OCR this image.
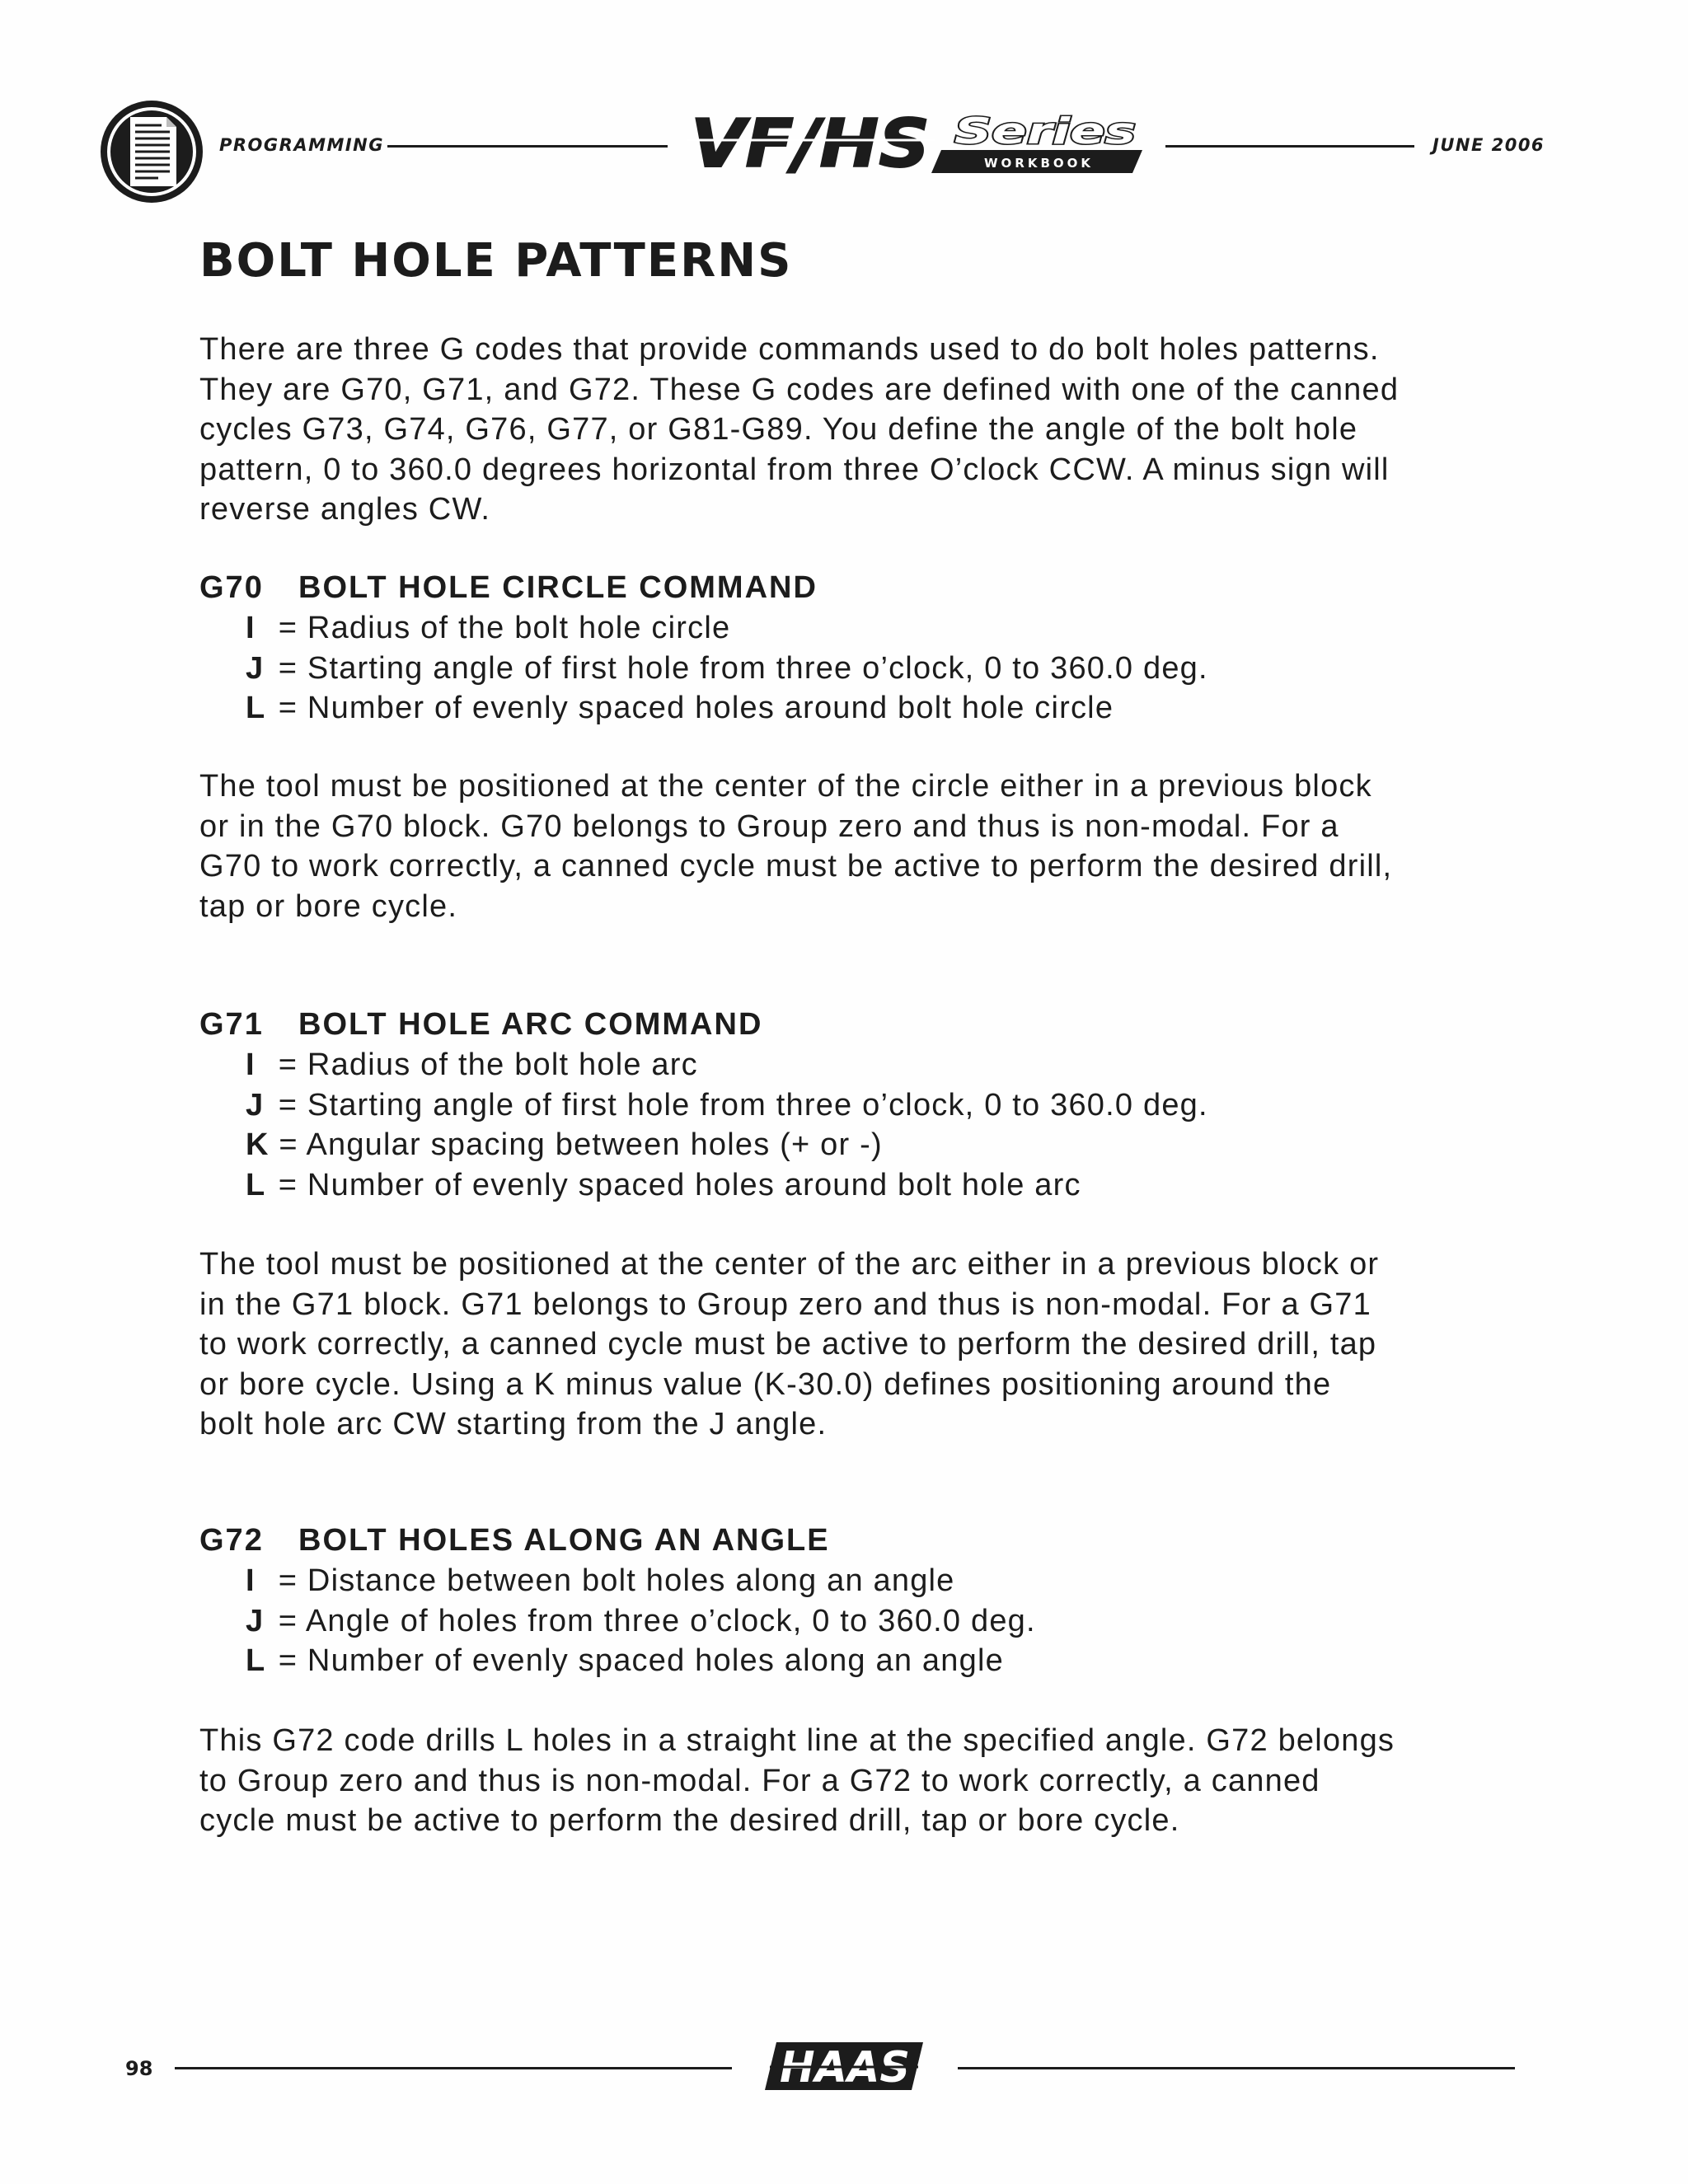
PROGRAMMING	VF/HS Series
WORKBOOK
JUNE 2006
BOLT HOLE PATTERNS

There are three G codes that provide commands used to do bolt holes patterns.
They are G70, G71, and G72. These G codes are defined with one of the canned
cycles G73, G74, G76, G77, or G81-G89. You define the angle of the bolt hole
pattern, 0 to 360.0 degrees horizontal from three O’clock CCW. A minus sign will
reverse angles CW.

G70 BOLT HOLE CIRCLE COMMAND
I = Radius of the bolt hole circle
J = Starting angle of first hole from three o’clock, 0 to 360.0 deg.
L = Number of evenly spaced holes around bolt hole circle

The tool must be positioned at the center of the circle either in a previous block
or in the G70 block. G70 belongs to Group zero and thus is non-modal. For a
G70 to work correctly, a canned cycle must be active to perform the desired drill,
tap or bore cycle.

G71 BOLT HOLE ARC COMMAND
I = Radius of the bolt hole arc
J = Starting angle of first hole from three o’clock, 0 to 360.0 deg.
K = Angular spacing between holes (+ or -)
L = Number of evenly spaced holes around bolt hole arc

The tool must be positioned at the center of the arc either in a previous block or
in the G71 block. G71 belongs to Group zero and thus is non-modal. For a G71
to work correctly, a canned cycle must be active to perform the desired drill, tap
or bore cycle. Using a K minus value (K-30.0) defines positioning around the
bolt hole arc CW starting from the J angle.

G72 BOLT HOLES ALONG AN ANGLE
I = Distance between bolt holes along an angle
J = Angle of holes from three o’clock, 0 to 360.0 deg.
L = Number of evenly spaced holes along an angle

This G72 code drills L holes in a straight line at the specified angle. G72 belongs
to Group zero and thus is non-modal. For a G72 to work correctly, a canned
cycle must be active to perform the desired drill, tap or bore cycle.

98	HAAS
